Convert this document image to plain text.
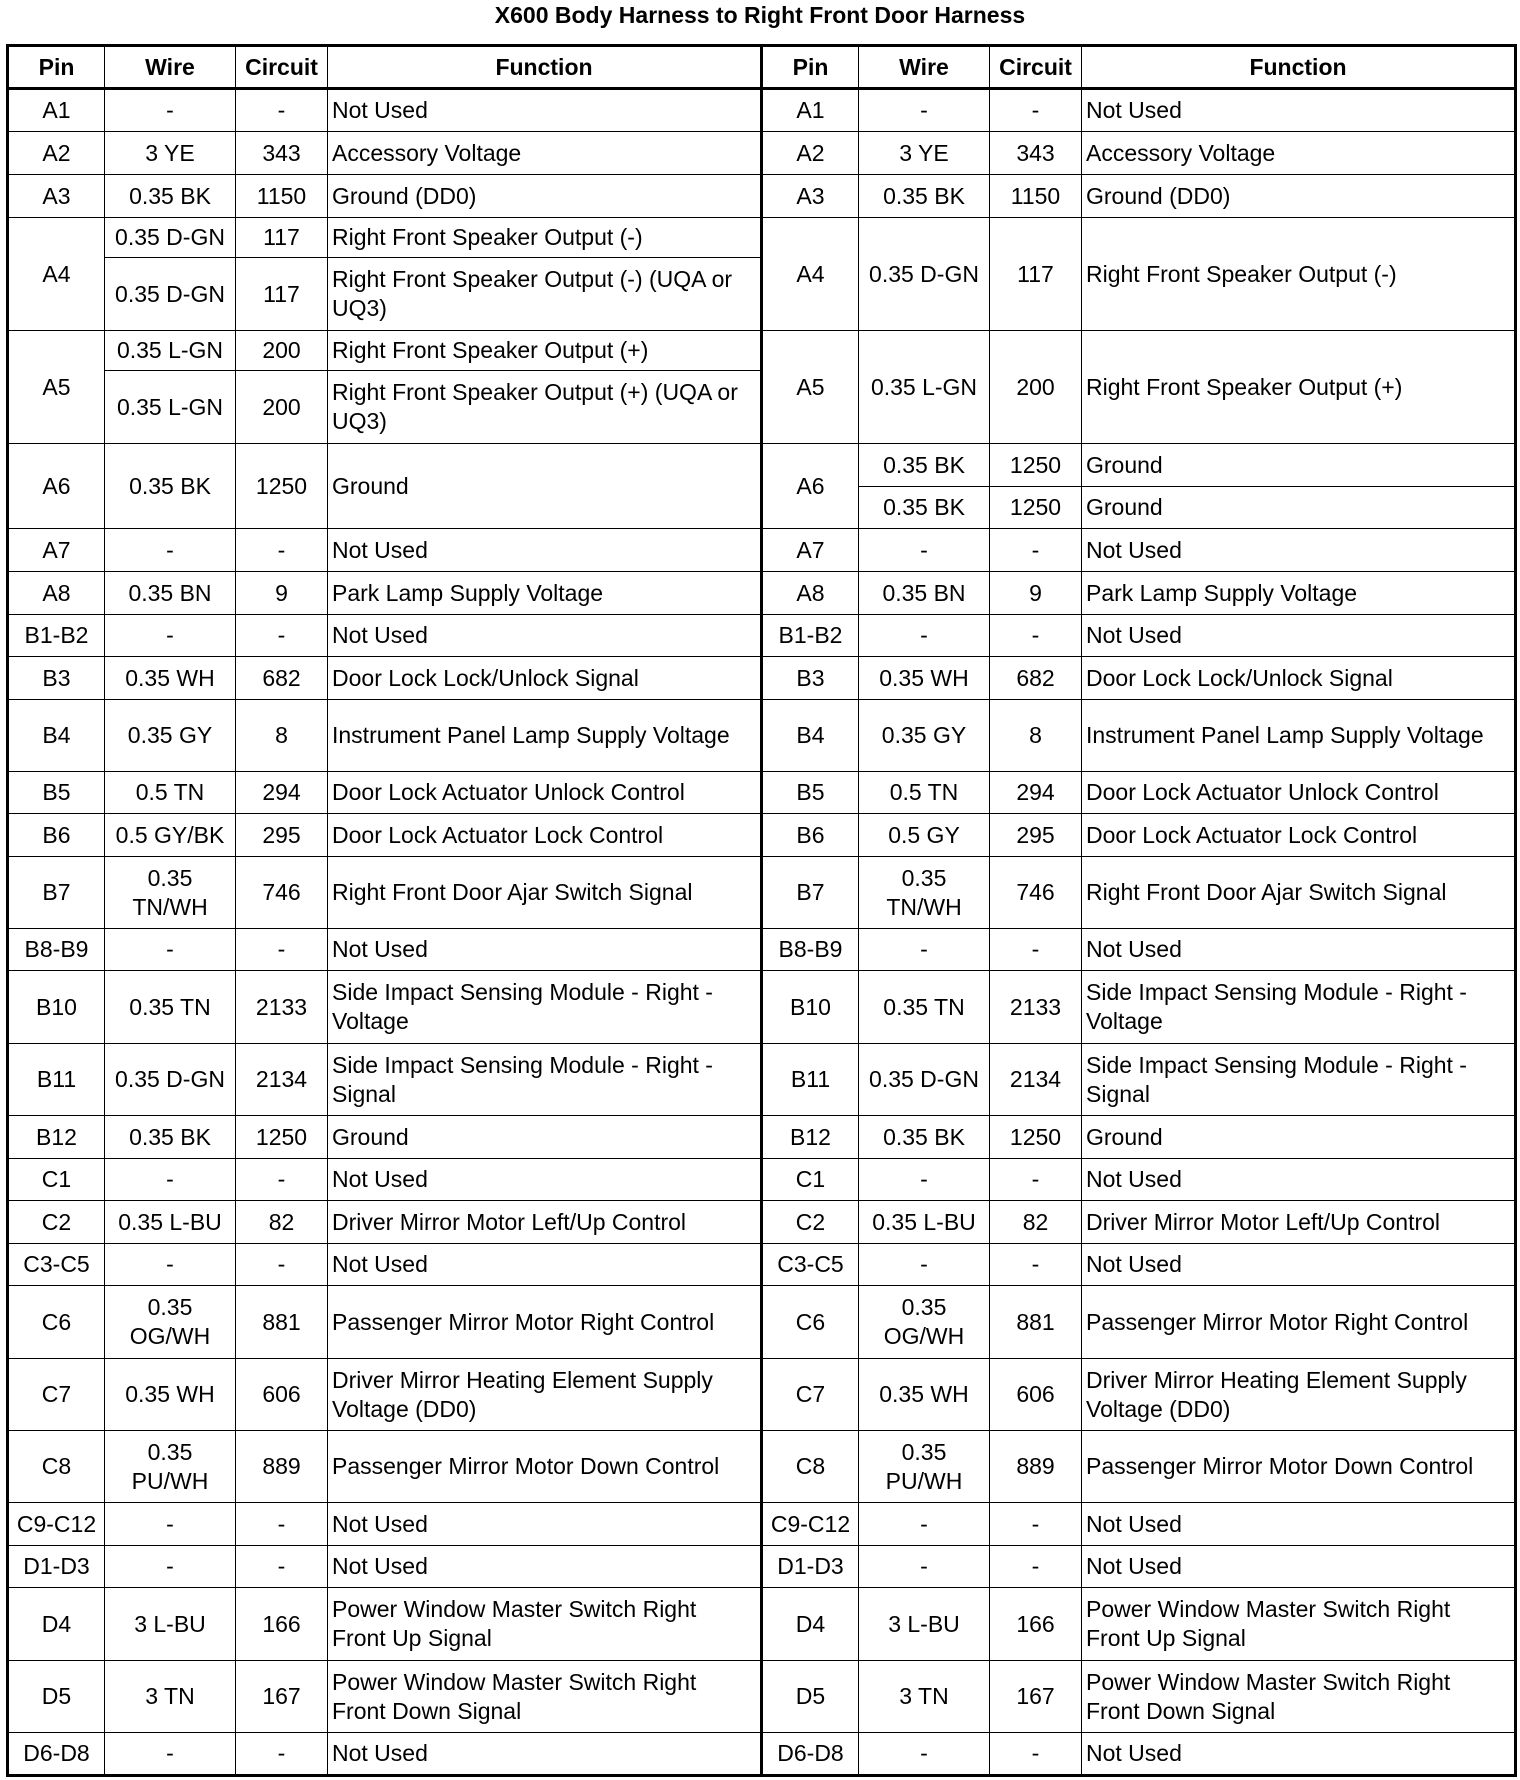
X600 Body Harness to Right Front Door Harness
Pin	Wire	Circuit	Function	Pin	Wire	Circuit	Function
A1	-	-	Not Used	A1	-	-	Not Used
A2	3 YE	343	Accessory Voltage	A2	3 YE	343	Accessory Voltage
A3	0.35 BK	1150	Ground (DD0)	A3	0.35 BK	1150	Ground (DD0)
A4	0.35 D-GN	117	Right Front Speaker Output (-)	A4	0.35 D-GN	117	Right Front Speaker Output (-)
	0.35 D-GN	117	Right Front Speaker Output (-) (UQA or UQ3)				
A5	0.35 L-GN	200	Right Front Speaker Output (+)	A5	0.35 L-GN	200	Right Front Speaker Output (+)
	0.35 L-GN	200	Right Front Speaker Output (+) (UQA or UQ3)				
A6	0.35 BK	1250	Ground	A6	0.35 BK	1250	Ground
					0.35 BK	1250	Ground
A7	-	-	Not Used	A7	-	-	Not Used
A8	0.35 BN	9	Park Lamp Supply Voltage	A8	0.35 BN	9	Park Lamp Supply Voltage
B1-B2	-	-	Not Used	B1-B2	-	-	Not Used
B3	0.35 WH	682	Door Lock Lock/Unlock Signal	B3	0.35 WH	682	Door Lock Lock/Unlock Signal
B4	0.35 GY	8	Instrument Panel Lamp Supply Voltage	B4	0.35 GY	8	Instrument Panel Lamp Supply Voltage
B5	0.5 TN	294	Door Lock Actuator Unlock Control	B5	0.5 TN	294	Door Lock Actuator Unlock Control
B6	0.5 GY/BK	295	Door Lock Actuator Lock Control	B6	0.5 GY	295	Door Lock Actuator Lock Control
B7	0.35 TN/WH	746	Right Front Door Ajar Switch Signal	B7	0.35 TN/WH	746	Right Front Door Ajar Switch Signal
B8-B9	-	-	Not Used	B8-B9	-	-	Not Used
B10	0.35 TN	2133	Side Impact Sensing Module - Right - Voltage	B10	0.35 TN	2133	Side Impact Sensing Module - Right - Voltage
B11	0.35 D-GN	2134	Side Impact Sensing Module - Right - Signal	B11	0.35 D-GN	2134	Side Impact Sensing Module - Right - Signal
B12	0.35 BK	1250	Ground	B12	0.35 BK	1250	Ground
C1	-	-	Not Used	C1	-	-	Not Used
C2	0.35 L-BU	82	Driver Mirror Motor Left/Up Control	C2	0.35 L-BU	82	Driver Mirror Motor Left/Up Control
C3-C5	-	-	Not Used	C3-C5	-	-	Not Used
C6	0.35 OG/WH	881	Passenger Mirror Motor Right Control	C6	0.35 OG/WH	881	Passenger Mirror Motor Right Control
C7	0.35 WH	606	Driver Mirror Heating Element Supply Voltage (DD0)	C7	0.35 WH	606	Driver Mirror Heating Element Supply Voltage (DD0)
C8	0.35 PU/WH	889	Passenger Mirror Motor Down Control	C8	0.35 PU/WH	889	Passenger Mirror Motor Down Control
C9-C12	-	-	Not Used	C9-C12	-	-	Not Used
D1-D3	-	-	Not Used	D1-D3	-	-	Not Used
D4	3 L-BU	166	Power Window Master Switch Right Front Up Signal	D4	3 L-BU	166	Power Window Master Switch Right Front Up Signal
D5	3 TN	167	Power Window Master Switch Right Front Down Signal	D5	3 TN	167	Power Window Master Switch Right Front Down Signal
D6-D8	-	-	Not Used	D6-D8	-	-	Not Used
